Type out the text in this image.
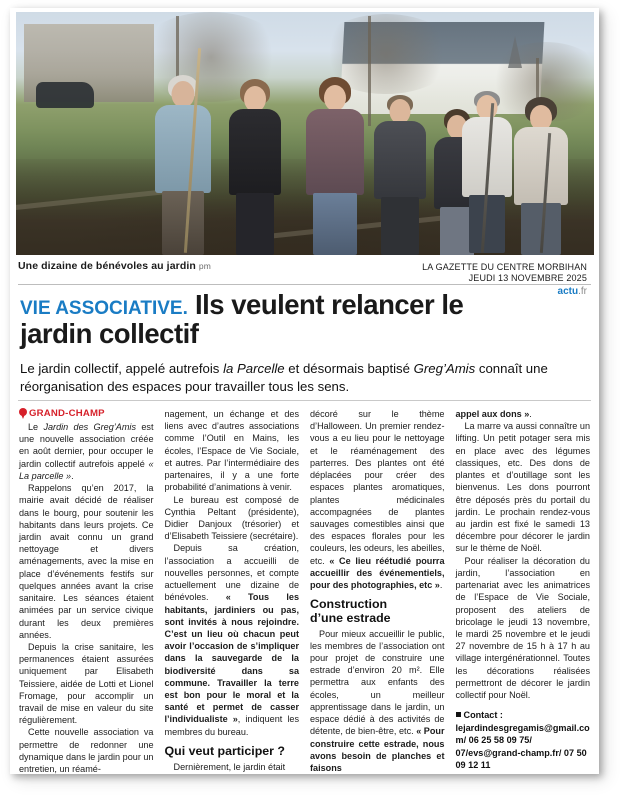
Une dizaine de bénévoles au jardin pm	LA GAZETTE DU CENTRE MORBIHAN
JEUDI 13 NOVEMBRE 2025
actu.fr
VIE ASSOCIATIVE. Ils veulent relancer le jardin collectif
Le jardin collectif, appelé autrefois la Parcelle et désormais baptisé Greg’Amis connaît une réorganisation des espaces pour travailler tous les sens.
GRAND-CHAMP

Le Jardin des Greg’Amis est une nouvelle association créée en août dernier, pour occuper le jardin collectif autrefois appelé « La parcelle ».

Rappelons qu’en 2017, la mairie avait décidé de réaliser dans le bourg, pour soutenir les habitants dans leurs projets. Ce jardin avait connu un grand nettoyage et divers aménagements, avec la mise en place d’événements festifs sur quelques années avant la crise sanitaire. Les séances étaient animées par un service civique durant les deux premières années.

Depuis la crise sanitaire, les permanences étaient assurées uniquement par Elisabeth Teissiere, aidée de Lotti et Lionel Fromage, pour accomplir un travail de mise en valeur du site régulièrement.

Cette nouvelle association va permettre de redonner une dynamique dans le jardin pour un entretien, un réamé-

nagement, un échange et des liens avec d’autres associations comme l’Outil en Mains, les écoles, l’Espace de Vie Sociale, et autres. Par l’intermédiaire des partenaires, il y a une forte probabilité d’animations à venir.

Le bureau est composé de Cynthia Peltant (présidente), Didier Danjoux (trésorier) et d’Elisabeth Teissiere (secrétaire).

Depuis sa création, l’association a accueilli de nouvelles personnes, et compte actuellement une dizaine de bénévoles. « Tous les habitants, jardiniers ou pas, sont invités à nous rejoindre. C’est un lieu où chacun peut avoir l’occasion de s’impliquer dans la sauvegarde de la biodiversité dans sa commune. Travailler la terre est bon pour le moral et la santé et permet de casser l’individualiste », indiquent les membres du bureau.

Qui veut participer ?

Dernièrement, le jardin était

décoré sur le thème d’Halloween. Un premier rendez-vous a eu lieu pour le nettoyage et le réaménagement des parterres. Des plantes ont été déplacées pour créer des espaces plantes aromatiques, plantes médicinales accompagnées de plantes sauvages comestibles ainsi que des espaces florales pour les couleurs, les odeurs, les abeilles, etc. « Ce lieu réétudié pourra accueillir des événementiels, pour des photographies, etc ».

Construction
d’une estrade

Pour mieux accueillir le public, les membres de l’association ont pour projet de construire une estrade d’environ 20 m². Elle permettra aux enfants des écoles, un meilleur apprentissage dans le jardin, un espace dédié à des activités de détente, de bien-être, etc. « Pour construire cette estrade, nous avons besoin de planches et faisons

appel aux dons ».

La marre va aussi connaître un lifting. Un petit potager sera mis en place avec des légumes classiques, etc. Des dons de plantes et d’outillage sont les bienvenus. Les dons pourront être déposés près du portail du jardin. Le prochain rendez-vous au jardin est fixé le samedi 13 décembre pour décorer le jardin sur le thème de Noël.

Pour réaliser la décoration du jardin, l’association en partenariat avec les animatrices de l’Espace de Vie Sociale, proposent des ateliers de bricolage le jeudi 13 novembre, le mardi 25 novembre et le jeudi 27 novembre de 15 h à 17 h au village intergénérationnel. Toutes les décorations réalisées permettront de décorer le jardin collectif pour Noël.

Contact : lejardindesgregamis@gmail.com/ 06 25 58 09 75/ 07/evs@grand-champ.fr/ 07 50 09 12 11
